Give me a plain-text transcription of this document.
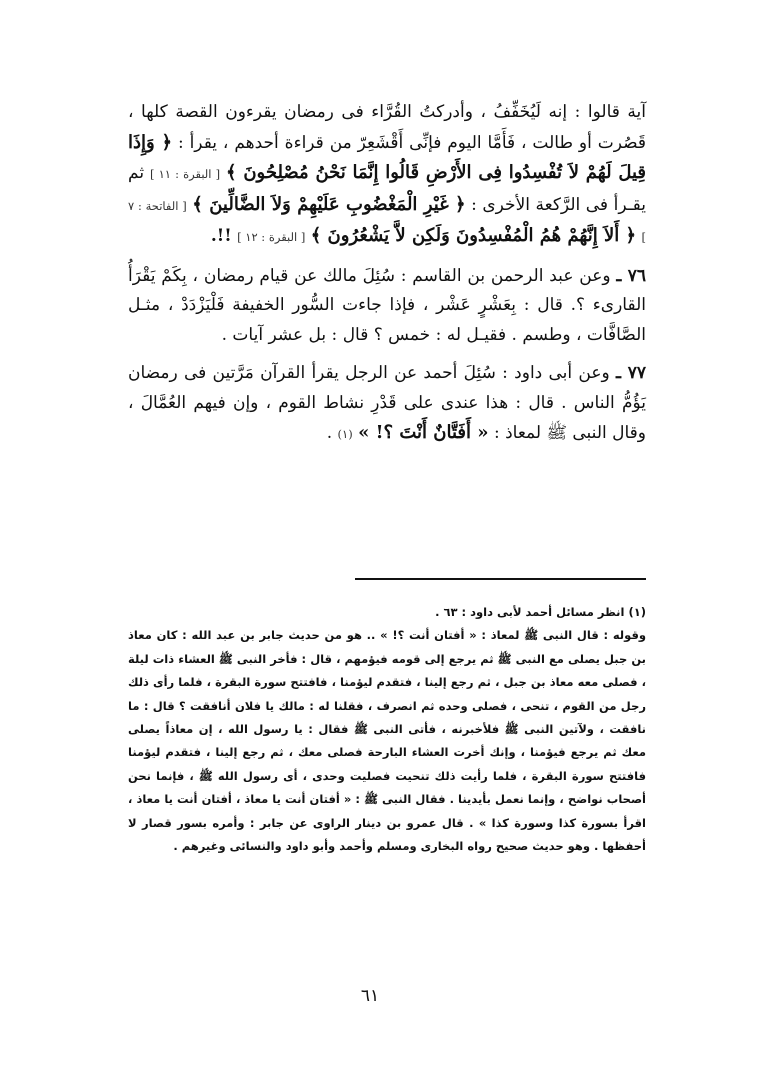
آية قالوا : إنه لَيُخَفِّفُ ، وأدركتُ القُرَّاء فى رمضان يقرءون القصة كلها ، قَصُرت أو طالت ، فَأَمَّا اليوم فإنِّى أَقْشَعِرّ من قراءة أحدهم ، يقرأ : ﴿ وَإِذَا قِيلَ لَهُمْ لاَ تُفْسِدُوا فِى الأَرْضِ قَالُوا إِنَّمَا نَحْنُ مُصْلِحُونَ ﴾ [ البقرة : ١١ ] ثم يقـرأ فى الرَّكعة الأخرى : ﴿ غَيْرِ الْمَغْضُوبِ عَلَيْهِمْ وَلاَ الضَّالِّينَ ﴾ [ الفاتحة : ٧ ] ﴿ أَلاَ إِنَّهُمْ هُمُ الْمُفْسِدُونَ وَلَكِن لاَّ يَشْعُرُونَ ﴾ [ البقرة : ١٢ ] !!.

٧٦ ـ وعن عبد الرحمن بن القاسم : سُئِلَ مالك عن قيام رمضان ، بِكَمْ يَقْرَأُ القارىء ؟. قال : بِعَشْرٍ عَشْر ، فإذا جاءت السُّور الخفيفة فَلْيَزْدَدْ ، مثـل الصَّافَّات ، وطسم . فقيـل له : خمس ؟ قال : بل عشر آيات .

٧٧ ـ وعن أبى داود : سُئِلَ أحمد عن الرجل يقرأ القرآن مَرَّتين فى رمضان يَؤُمُّ الناس . قال : هذا عندى على قَدْرِ نشاط القوم ، وإن فيهم العُمَّالَ ، وقال النبى ﷺ لمعاذ : « أَفَتَّانٌ أَنْتَ ؟! » (١) .

(١) انظر مسائل أحمد لأبى داود : ٦٣ .

وقوله : قال النبى ﷺ لمعاذ : « أفتان أنت ؟! » .. هو من حديث جابر بن عبد الله : كان معاذ بن جبل يصلى مع النبى ﷺ ثم يرجع إلى قومه فيؤمهم ، قال : فأخر النبى ﷺ العشاء ذات ليلة ، فصلى معه معاذ بن جبل ، ثم رجع إلينا ، فتقدم ليؤمنا ، فافتتح سورة البقرة ، فلما رأى ذلك رجل من القوم ، تنحى ، فصلى وحده ثم انصرف ، فقلنا له : مالك يا فلان أنافقت ؟ قال : ما نافقت ، ولآتين النبى ﷺ فلأخبرنه ، فأتى النبى ﷺ فقال : يا رسول الله ، إن معاذاً يصلى معك ثم يرجع فيؤمنا ، وإنك أخرت العشاء البارحة فصلى معك ، ثم رجع إلينا ، فتقدم ليؤمنا فافتتح سورة البقرة ، فلما رأيت ذلك تنحيت فصليت وحدى ، أى رسول الله ﷺ ، فإنما نحن أصحاب نواضح ، وإنما نعمل بأيدينا . فقال النبى ﷺ : « أفتان أنت يا معاذ ، أفتان أنت يا معاذ ، اقرأ بسورة كذا وسورة كذا » . قال عمرو بن دينار الراوى عن جابر : وأمره بسور قصار لا أحفظها . وهو حديث صحيح رواه البخارى ومسلم وأحمد وأبو داود والنسائى وغيرهم .

٦١
